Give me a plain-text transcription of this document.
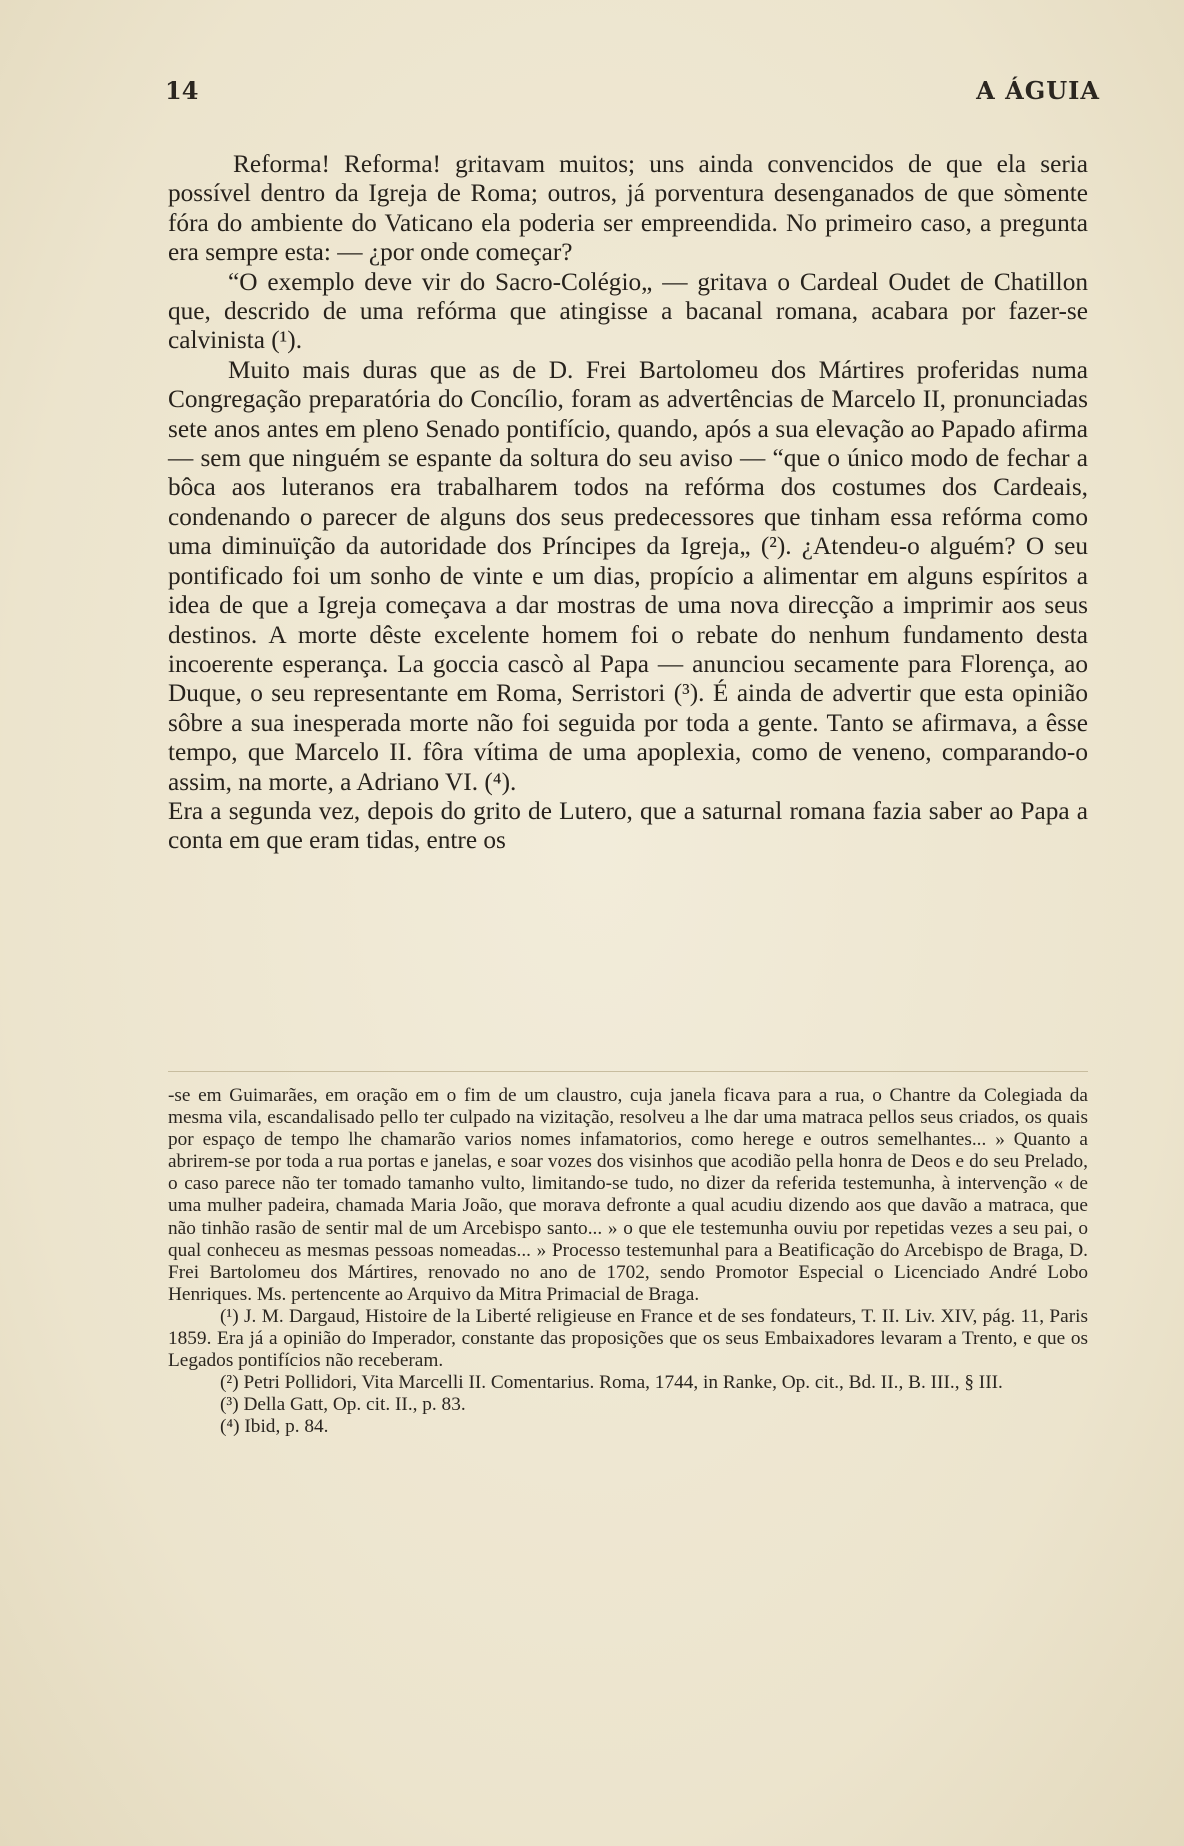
14	A ÁGUIA

Reforma! Reforma! gritavam muitos; uns ainda convencidos de que ela seria possível dentro da Igreja de Roma; outros, já porventura desenganados de que sòmente fóra do ambiente do Vaticano ela poderia ser empreendida. No primeiro caso, a pregunta era sempre esta: — ¿por onde começar?

“O exemplo deve vir do Sacro-Colégio„ — gritava o Cardeal Oudet de Chatillon que, descrido de uma refórma que atingisse a bacanal romana, acabara por fazer-se calvinista (¹).

Muito mais duras que as de D. Frei Bartolomeu dos Mártires proferidas numa Congregação preparatória do Concílio, foram as advertências de Marcelo II, pronunciadas sete anos antes em pleno Senado pontifício, quando, após a sua elevação ao Papado afirma — sem que ninguém se espante da soltura do seu aviso — “que o único modo de fechar a bôca aos luteranos era trabalharem todos na refórma dos costumes dos Cardeais, condenando o parecer de alguns dos seus predecessores que tinham essa refórma como uma diminuïção da autoridade dos Príncipes da Igreja„ (²). ¿Atendeu-o alguém? O seu pontificado foi um sonho de vinte e um dias, propício a alimentar em alguns espíritos a idea de que a Igreja começava a dar mostras de uma nova direcção a imprimir aos seus destinos. A morte dêste excelente homem foi o rebate do nenhum fundamento desta incoerente esperança. La goccia cascò al Papa — anunciou secamente para Florença, ao Duque, o seu representante em Roma, Serristori (³). É ainda de advertir que esta opinião sôbre a sua inesperada morte não foi seguida por toda a gente. Tanto se afirmava, a êsse tempo, que Marcelo II. fôra vítima de uma apoplexia, como de veneno, comparando-o assim, na morte, a Adriano VI. (⁴).

Era a segunda vez, depois do grito de Lutero, que a saturnal romana fazia saber ao Papa a conta em que eram tidas, entre os

-se em Guimarães, em oração em o fim de um claustro, cuja janela ficava para a rua, o Chantre da Colegiada da mesma vila, escandalisado pello ter culpado na vizitação, resolveu a lhe dar uma matraca pellos seus criados, os quais por espaço de tempo lhe chamarão varios nomes infamatorios, como herege e outros semelhantes... » Quanto a abrirem-se por toda a rua portas e janelas, e soar vozes dos visinhos que acodião pella honra de Deos e do seu Prelado, o caso parece não ter tomado tamanho vulto, limitando-se tudo, no dizer da referida testemunha, à intervenção « de uma mulher padeira, chamada Maria João, que morava defronte a qual acudiu dizendo aos que davão a matraca, que não tinhão rasão de sentir mal de um Arcebispo santo... » o que ele testemunha ouviu por repetidas vezes a seu pai, o qual conheceu as mesmas pessoas nomeadas... » Processo testemunhal para a Beatificação do Arcebispo de Braga, D. Frei Bartolomeu dos Mártires, renovado no ano de 1702, sendo Promotor Especial o Licenciado André Lobo Henriques. Ms. pertencente ao Arquivo da Mitra Primacial de Braga.

(¹) J. M. Dargaud, Histoire de la Liberté religieuse en France et de ses fondateurs, T. II. Liv. XIV, pág. 11, Paris 1859. Era já a opinião do Imperador, constante das proposições que os seus Embaixadores levaram a Trento, e que os Legados pontifícios não receberam.

(²) Petri Pollidori, Vita Marcelli II. Comentarius. Roma, 1744, in Ranke, Op. cit., Bd. II., B. III., § III.

(³) Della Gatt, Op. cit. II., p. 83.

(⁴) Ibid, p. 84.
